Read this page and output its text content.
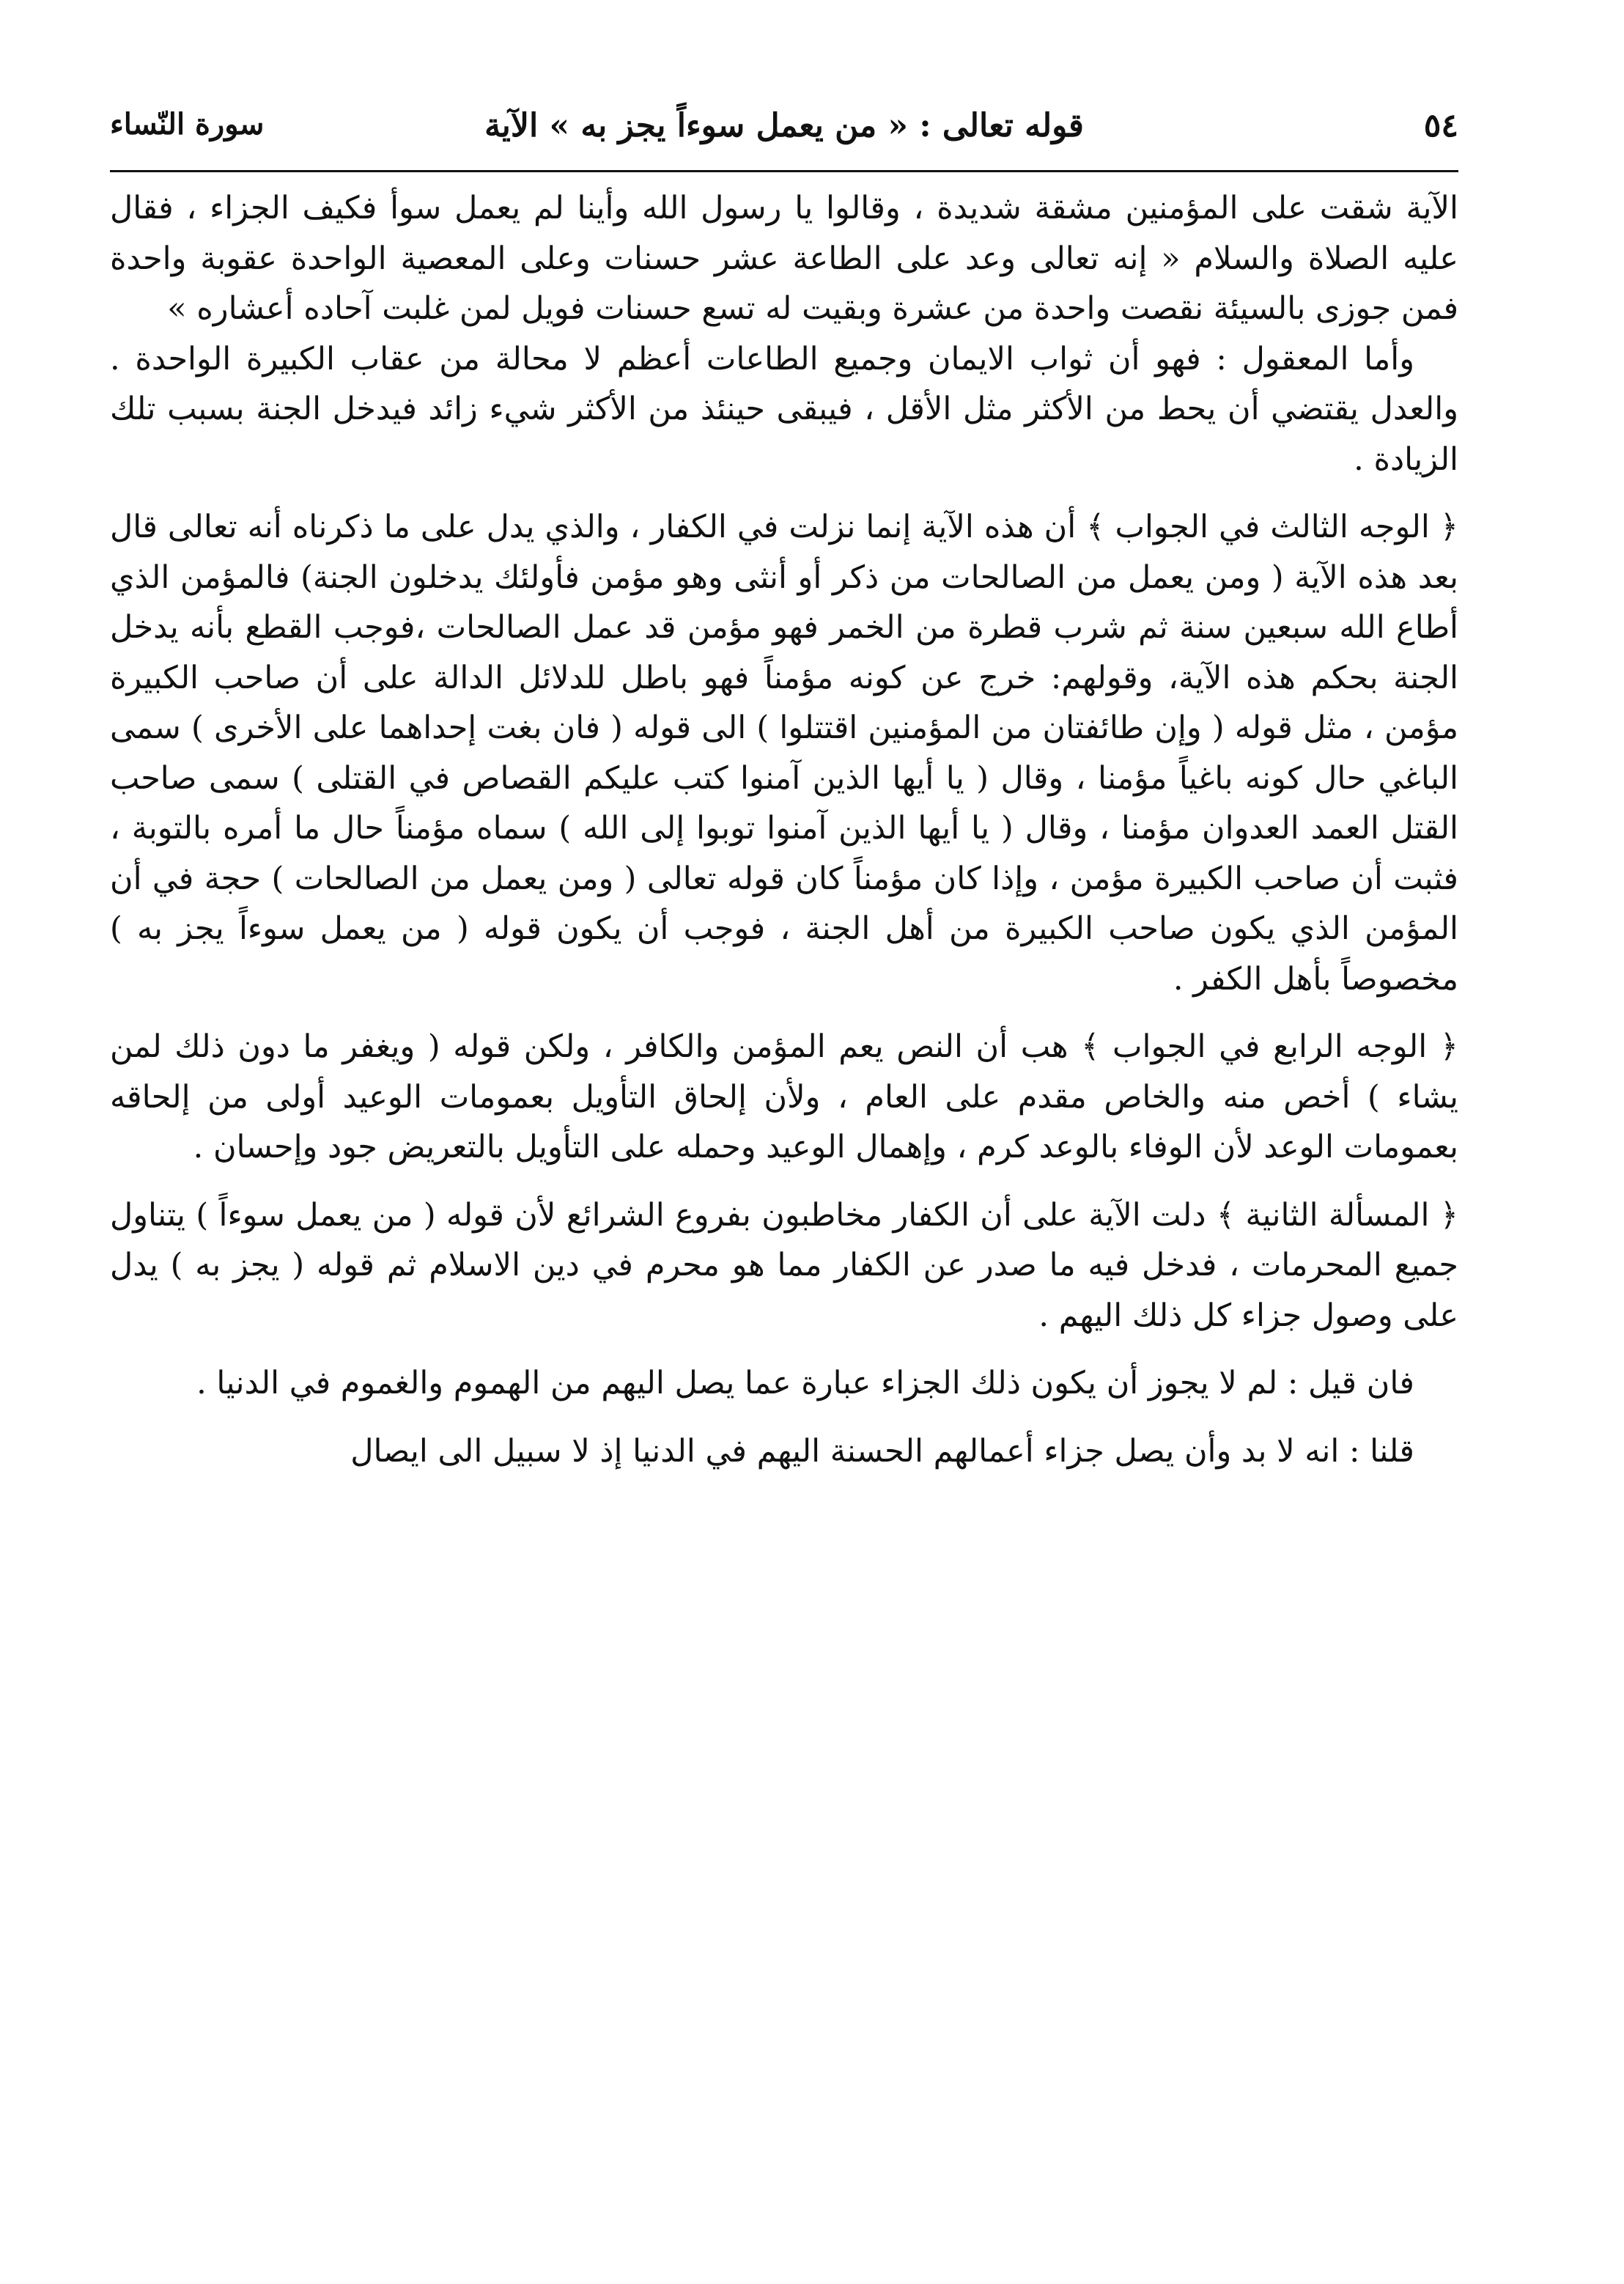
٥٤
قوله تعالى : « من يعمل سوءاً يجز به » الآية
سورة النّساء

الآية شقت على المؤمنين مشقة شديدة ، وقالوا يا رسول الله وأينا لم يعمل سوأ فكيف الجزاء ، فقال عليه الصلاة والسلام « إنه تعالى وعد على الطاعة عشر حسنات وعلى المعصية الواحدة عقوبة واحدة فمن جوزى بالسيئة نقصت واحدة من عشرة وبقيت له تسع حسنات فويل لمن غلبت آحاده أعشاره »

وأما المعقول : فهو أن ثواب الايمان وجميع الطاعات أعظم لا محالة من عقاب الكبيرة الواحدة . والعدل يقتضي أن يحط من الأكثر مثل الأقل ، فيبقى حينئذ من الأكثر شيء زائد فيدخل الجنة بسبب تلك الزيادة .

﴿ الوجه الثالث في الجواب ﴾ أن هذه الآية إنما نزلت في الكفار ، والذي يدل على ما ذكرناه أنه تعالى قال بعد هذه الآية ( ومن يعمل من الصالحات من ذكر أو أنثى وهو مؤمن فأولئك يدخلون الجنة) فالمؤمن الذي أطاع الله سبعين سنة ثم شرب قطرة من الخمر فهو مؤمن قد عمل الصالحات ،فوجب القطع بأنه يدخل الجنة بحكم هذه الآية، وقولهم: خرج عن كونه مؤمناً فهو باطل للدلائل الدالة على أن صاحب الكبيرة مؤمن ، مثل قوله ( وإن طائفتان من المؤمنين اقتتلوا ) الى قوله ( فان بغت إحداهما على الأخرى ) سمى الباغي حال كونه باغياً مؤمنا ، وقال ( يا أيها الذين آمنوا كتب عليكم القصاص في القتلى ) سمى صاحب القتل العمد العدوان مؤمنا ، وقال ( يا أيها الذين آمنوا توبوا إلى الله ) سماه مؤمناً حال ما أمره بالتوبة ، فثبت أن صاحب الكبيرة مؤمن ، وإذا كان مؤمناً كان قوله تعالى ( ومن يعمل من الصالحات ) حجة في أن المؤمن الذي يكون صاحب الكبيرة من أهل الجنة ، فوجب أن يكون قوله ( من يعمل سوءاً يجز به ) مخصوصاً بأهل الكفر .

﴿ الوجه الرابع في الجواب ﴾ هب أن النص يعم المؤمن والكافر ، ولكن قوله ( ويغفر ما دون ذلك لمن يشاء ) أخص منه والخاص مقدم على العام ، ولأن إلحاق التأويل بعمومات الوعيد أولى من إلحاقه بعمومات الوعد لأن الوفاء بالوعد كرم ، وإهمال الوعيد وحمله على التأويل بالتعريض جود وإحسان .

﴿ المسألة الثانية ﴾ دلت الآية على أن الكفار مخاطبون بفروع الشرائع لأن قوله ( من يعمل سوءاً ) يتناول جميع المحرمات ، فدخل فيه ما صدر عن الكفار مما هو محرم في دين الاسلام ثم قوله ( يجز به ) يدل على وصول جزاء كل ذلك اليهم .

فان قيل : لم لا يجوز أن يكون ذلك الجزاء عبارة عما يصل اليهم من الهموم والغموم في الدنيا .

قلنا : انه لا بد وأن يصل جزاء أعمالهم الحسنة اليهم في الدنيا إذ لا سبيل الى ايصال
